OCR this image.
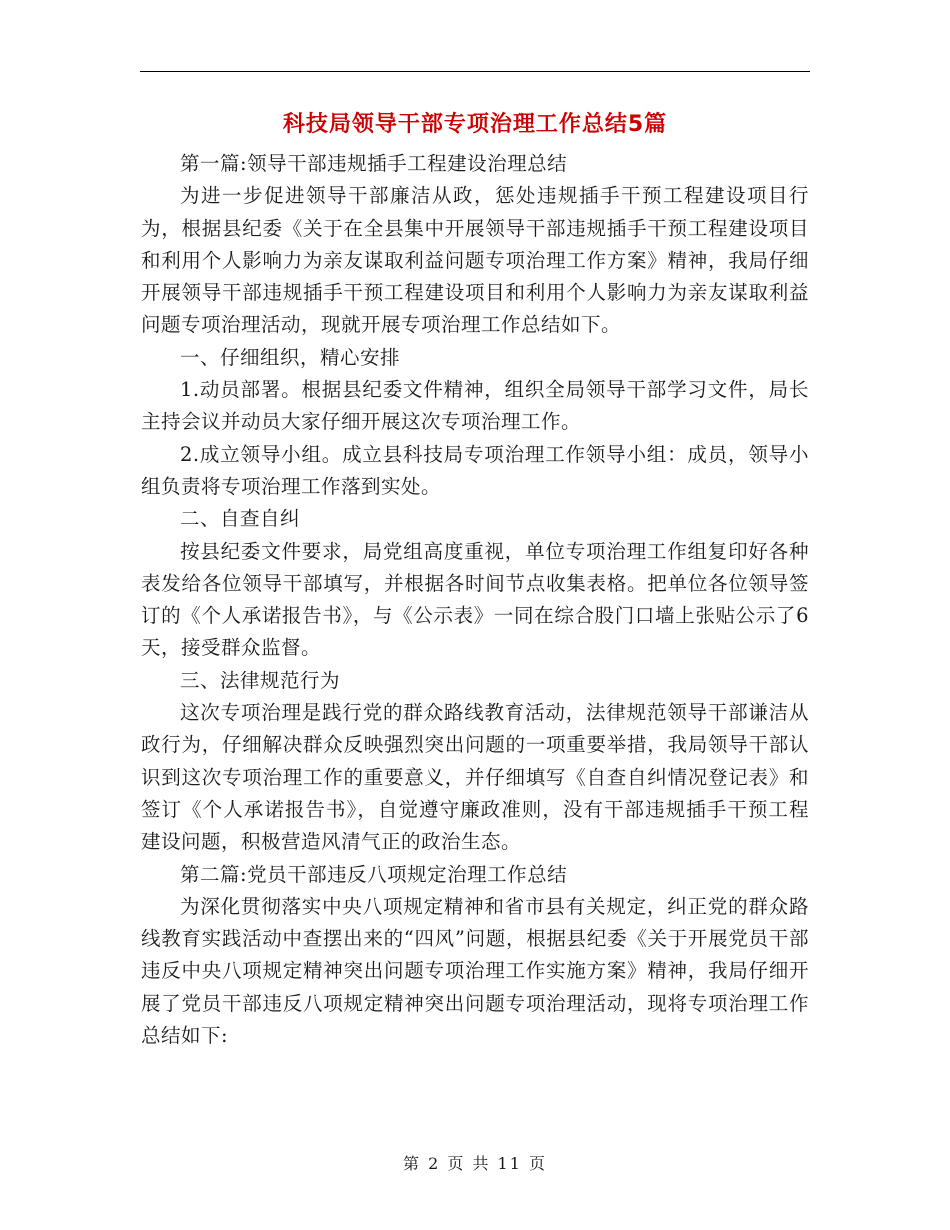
科技局领导干部专项治理工作总结5篇

第一篇:领导干部违规插手工程建设治理总结

为进一步促进领导干部廉洁从政，惩处违规插手干预工程建设项目行为，根据县纪委《关于在全县集中开展领导干部违规插手干预工程建设项目和利用个人影响力为亲友谋取利益问题专项治理工作方案》精神，我局仔细开展领导干部违规插手干预工程建设项目和利用个人影响力为亲友谋取利益问题专项治理活动，现就开展专项治理工作总结如下。

一、仔细组织，精心安排

1.动员部署。根据县纪委文件精神，组织全局领导干部学习文件，局长主持会议并动员大家仔细开展这次专项治理工作。

2.成立领导小组。成立县科技局专项治理工作领导小组：成员，领导小组负责将专项治理工作落到实处。

二、自查自纠

按县纪委文件要求，局党组高度重视，单位专项治理工作组复印好各种表发给各位领导干部填写，并根据各时间节点收集表格。把单位各位领导签订的《个人承诺报告书》，与《公示表》一同在综合股门口墙上张贴公示了6天，接受群众监督。

三、法律规范行为

这次专项治理是践行党的群众路线教育活动，法律规范领导干部谦洁从政行为，仔细解决群众反映强烈突出问题的一项重要举措，我局领导干部认识到这次专项治理工作的重要意义，并仔细填写《自查自纠情况登记表》和签订《个人承诺报告书》，自觉遵守廉政准则，没有干部违规插手干预工程建设问题，积极营造风清气正的政治生态。

第二篇:党员干部违反八项规定治理工作总结

为深化贯彻落实中央八项规定精神和省市县有关规定，纠正党的群众路线教育实践活动中查摆出来的“四风”问题，根据县纪委《关于开展党员干部违反中央八项规定精神突出问题专项治理工作实施方案》精神，我局仔细开展了党员干部违反八项规定精神突出问题专项治理活动，现将专项治理工作总结如下:

第 2 页 共 11 页
